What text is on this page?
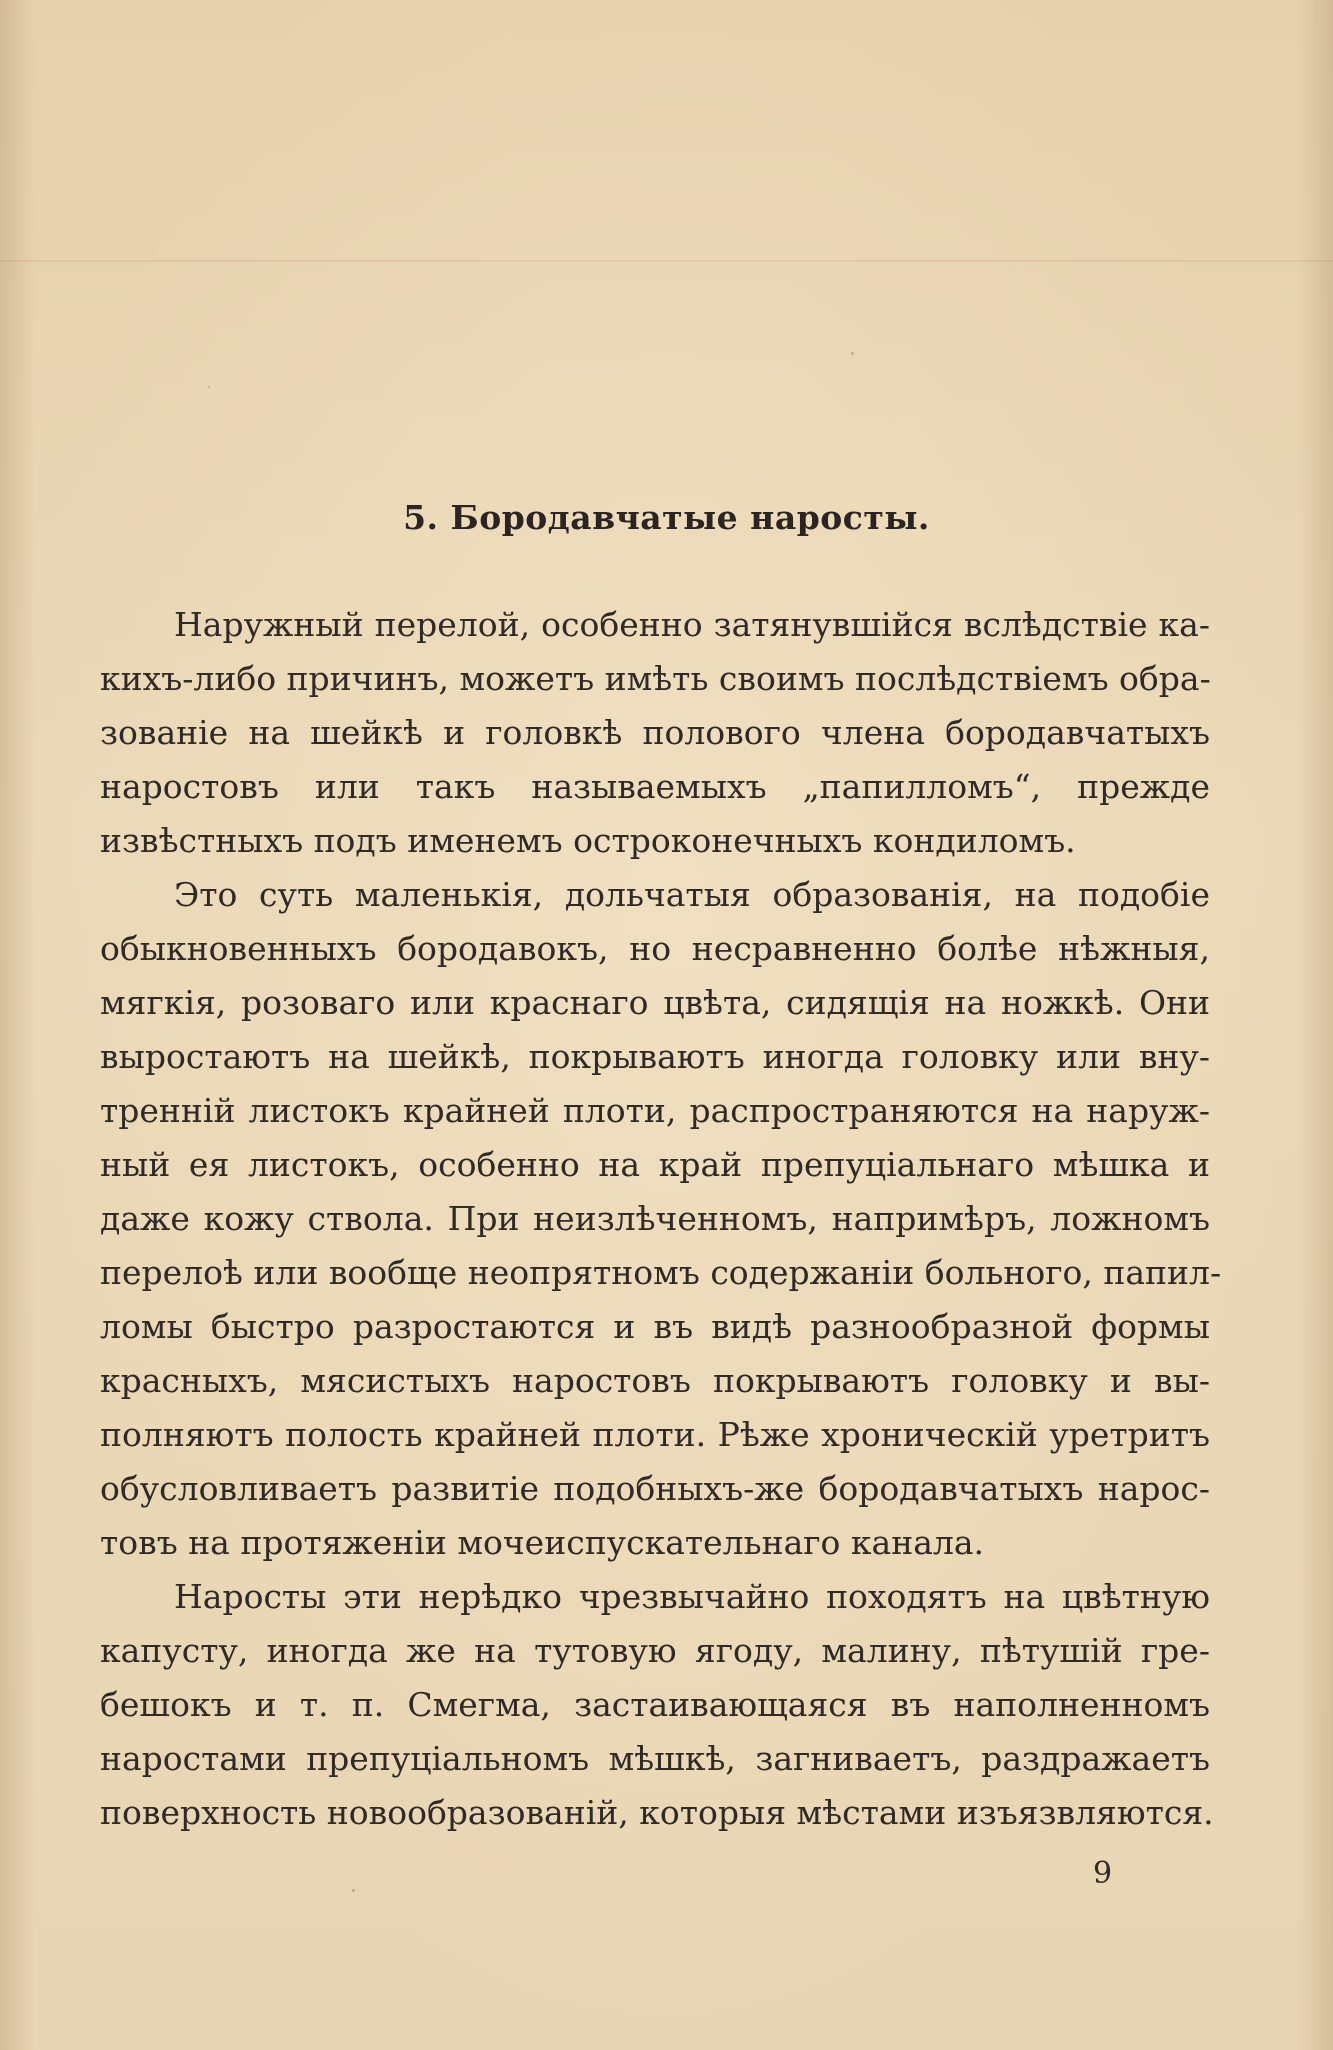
5. Бородавчатые наросты.
Наружный перелой, особенно затянувшійся вслѣдствіе ка-
кихъ-либо причинъ, можетъ имѣть своимъ послѣдствіемъ обра-
зованіе на шейкѣ и головкѣ полового члена бородавчатыхъ
наростовъ или такъ называемыхъ „папилломъ“, прежде
извѣстныхъ подъ именемъ остроконечныхъ кондиломъ.
Это суть маленькія, дольчатыя образованія, на подобіе
обыкновенныхъ бородавокъ, но несравненно болѣе нѣжныя,
мягкія, розоваго или краснаго цвѣта, сидящія на ножкѣ. Они
выростаютъ на шейкѣ, покрываютъ иногда головку или вну-
тренній листокъ крайней плоти, распространяются на наруж-
ный ея листокъ, особенно на край препуціальнаго мѣшка и
даже кожу ствола. При неизлѣченномъ, напримѣръ, ложномъ
перелоѣ или вообще неопрятномъ содержаніи больного, папил-
ломы быстро разростаются и въ видѣ разнообразной формы
красныхъ, мясистыхъ наростовъ покрываютъ головку и вы-
полняютъ полость крайней плоти. Рѣже хроническій уретритъ
обусловливаетъ развитіе подобныхъ-же бородавчатыхъ нарос-
товъ на протяженіи мочеиспускательнаго канала.
Наросты эти нерѣдко чрезвычайно походятъ на цвѣтную
капусту, иногда же на тутовую ягоду, малину, пѣтушій гре-
бешокъ и т. п. Смегма, застаивающаяся въ наполненномъ
наростами препуціальномъ мѣшкѣ, загниваетъ, раздражаетъ
поверхность новообразованій, которыя мѣстами изъязвляются.
9
